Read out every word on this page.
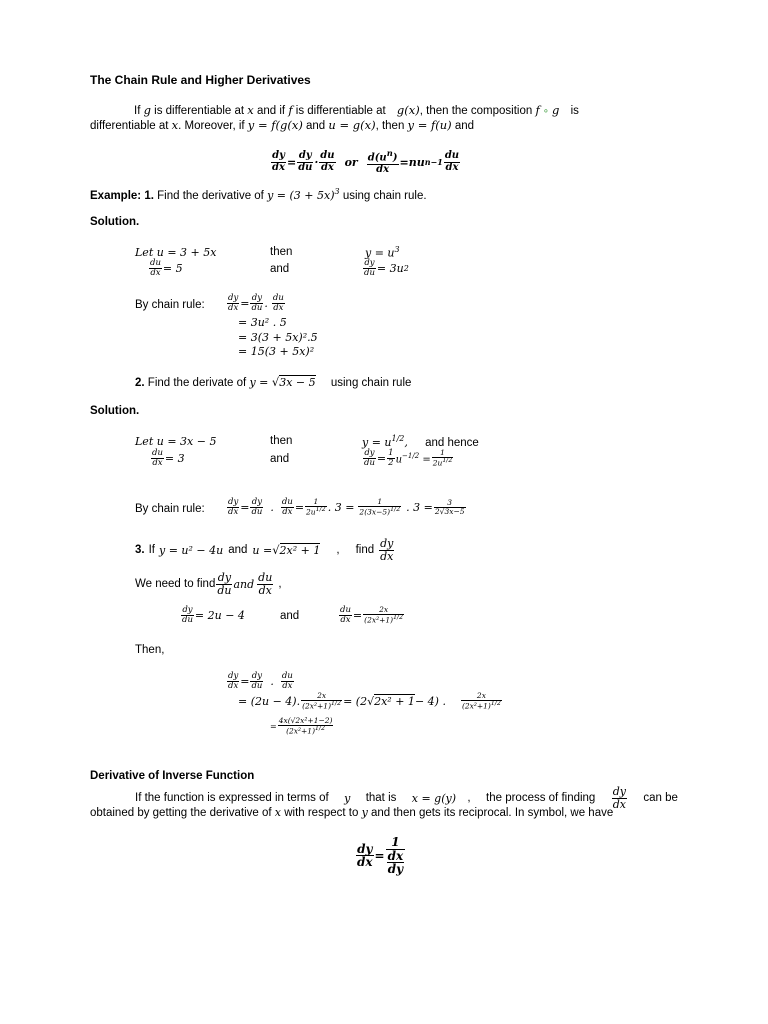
The Chain Rule and Higher Derivatives
If g is differentiable at x and if f is differentiable at g(x), then the composition f ∘ g is
differentiable at x. Moreover, if y = f(g(x) and u = g(x), then y = f(u) and
$\frac{dy}{dx} = \frac{dy}{du} \cdot \frac{du}{dx}$ or $\frac{d(u^n)}{dx}$ = nu $n-1 \frac{du}{dx}$
Example: 1. Find the derivative of $y = (3 + 5x)^3$ using chain rule.
Solution.
Let u = 3 + 5x	then	$y = u^3$
$\frac{du}{dx} = 5$	and	$\frac{dy}{du} = 3u$ 2
By chain rule:	$\frac{dy}{dx} = \frac{dy}{du}$ . $\frac{du}{dx}$
= 3u² . 5
= 3(3 + 5x)².5
= 15(3 + 5x)²
2. Find the derivate of y = √3x − 5 using chain rule
Solution.
Let u = 3x − 5	then	$y = u^{1/2}$, and hence
$\frac{du}{dx} = 3$	and	$\frac{dy}{du} = \frac{1}{2} u^{-1/2} = \frac{1}{2u^{1/2}}$
By chain rule:	$\frac{dy}{dx} = \frac{dy}{du}$ . $\frac{du}{dx} = \frac{1}{2u^{1/2}}$ . $3 = \frac{1}{2(3x-5)^{1/2}}$ . $3 = \frac{3}{2√3x-5}$
3. If y = u² − 4u and u = √ 2x² + 1 , find $\frac{dy}{dx}$
We need to find $\frac{dy}{du}$ and $\frac{du}{dx}$ ,
$\frac{dy}{du} = 2u - 4$	and	$\frac{du}{dx} = \frac{2x}{(2x^2+1)^{1/2}}$
Then,
$\frac{dy}{dx} = \frac{dy}{du}$ . $\frac{du}{dx}$
= (2u − 4). $\frac{2x}{(2x^2+1)^{1/2}} = (2$ √ 2x² + 1 − 4) . $\frac{2x}{(2x^2+1)^{1/2}}$
= $\frac{\text{4x(√2x²+1−2)}}{(2x^2+1)^{1/2}}$
Derivative of Inverse Function
If the function is expressed in terms of y that is x = g(y) , the process of finding $\frac{dy}{dx}$ can be
obtained by getting the derivative of x with respect to y and then gets its reciprocal. In symbol, we have
$\frac{dy}{dx} = \frac{1}{\frac{dx}{dy}}$
